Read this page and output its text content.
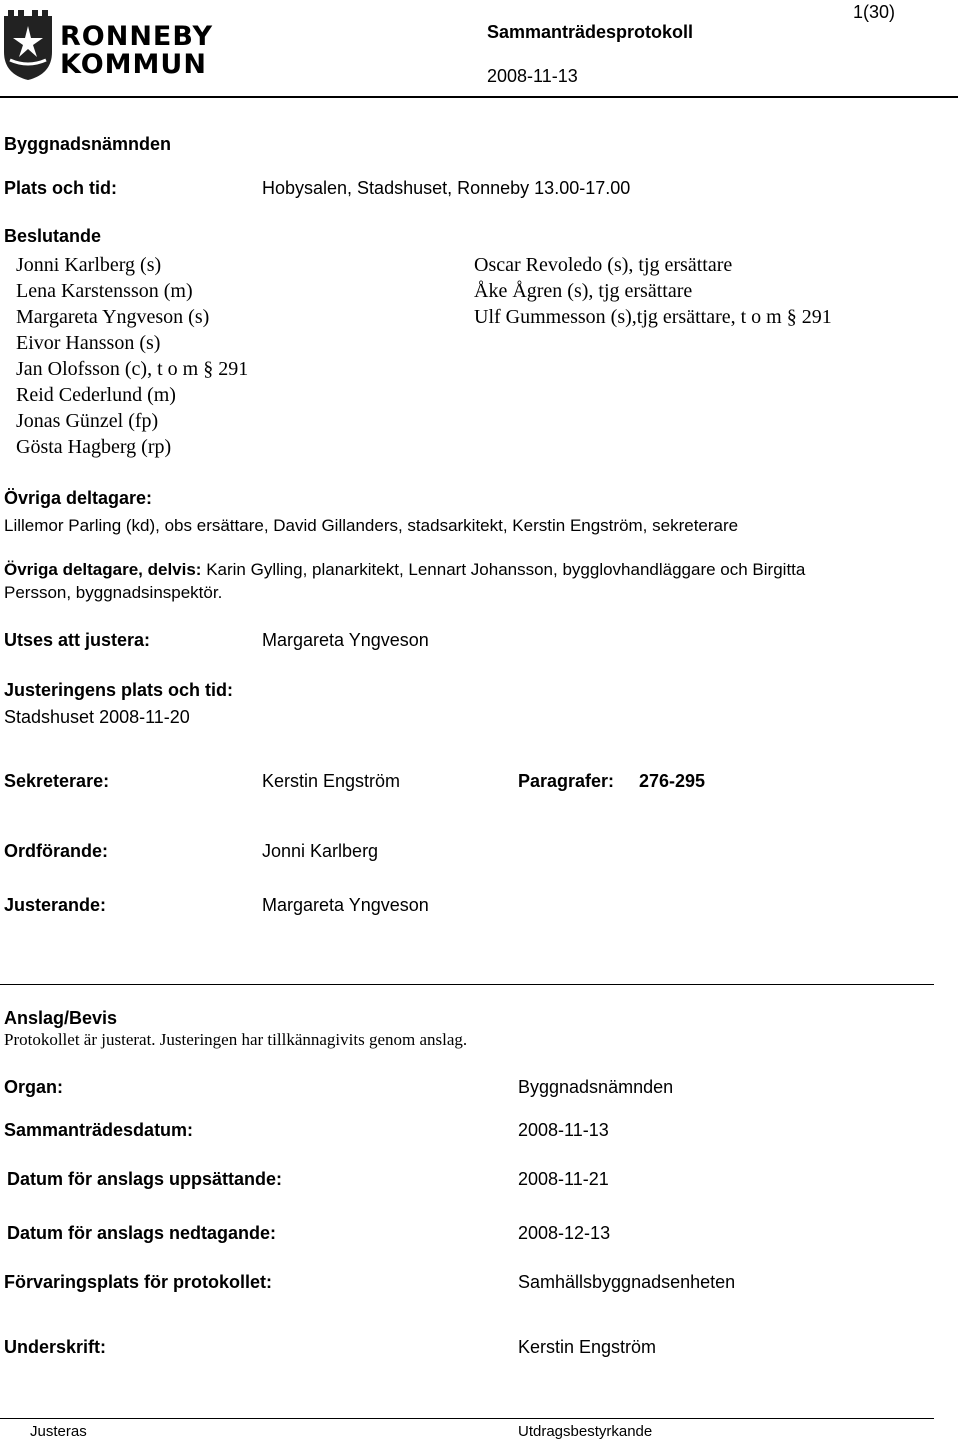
RONNEBY
KOMMUN
Sammanträdesprotokoll
2008-11-13
1(30)
Byggnadsnämnden
Plats och tid:	Hobysalen, Stadshuset, Ronneby 13.00-17.00
Beslutande
Jonni Karlberg (s)
Lena Karstensson (m)
Margareta Yngveson (s)
Eivor Hansson (s)
Jan Olofsson (c), t o m § 291
Reid Cederlund (m)
Jonas Günzel (fp)
Gösta Hagberg (rp)
Oscar Revoledo (s), tjg ersättare
Åke Ågren (s), tjg ersättare
Ulf Gummesson (s),tjg ersättare, t o m § 291
Övriga deltagare:
Lillemor Parling (kd), obs ersättare, David Gillanders, stadsarkitekt, Kerstin Engström, sekreterare
Övriga deltagare, delvis: Karin Gylling, planarkitekt, Lennart Johansson, bygglovhandläggare och Birgitta
Persson, byggnadsinspektör.
Utses att justera:	Margareta Yngveson
Justeringens plats och tid:
Stadshuset 2008-11-20
Sekreterare:	Kerstin Engström	Paragrafer: 276-295
Ordförande:	Jonni Karlberg
Justerande:	Margareta Yngveson
Anslag/Bevis
Protokollet är justerat. Justeringen har tillkännagivits genom anslag.
Organ:	Byggnadsnämnden
Sammanträdesdatum:	2008-11-13
Datum för anslags uppsättande:	2008-11-21
Datum för anslags nedtagande:	2008-12-13
Förvaringsplats för protokollet:	Samhällsbyggnadsenheten
Underskrift:	Kerstin Engström
Justeras	Utdragsbestyrkande
